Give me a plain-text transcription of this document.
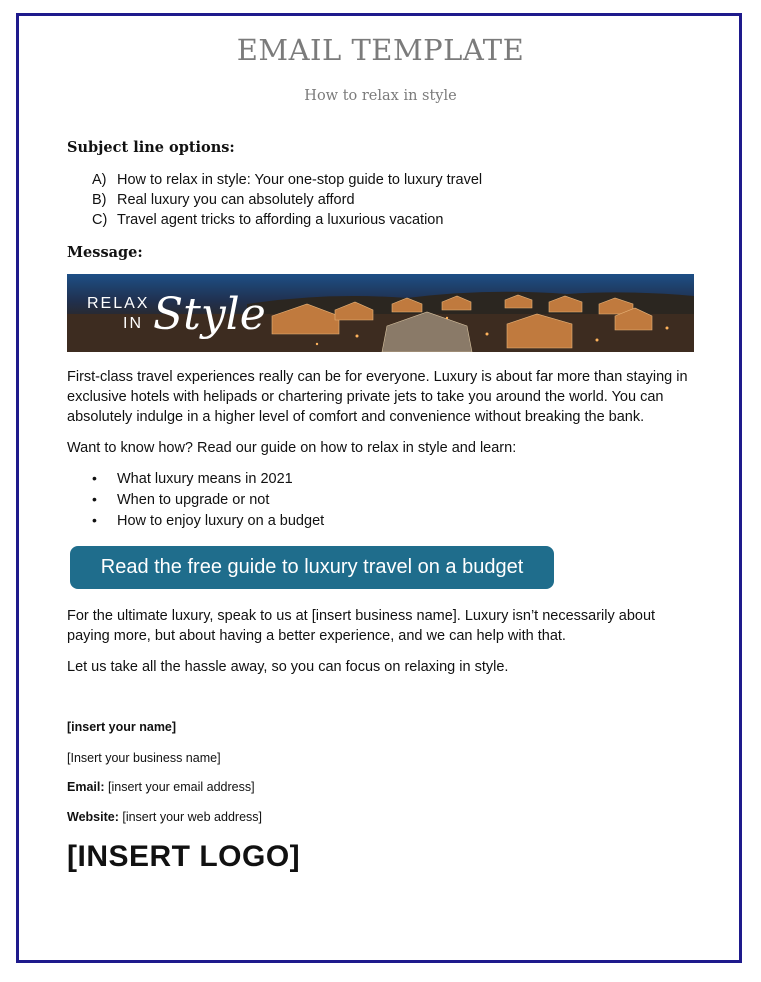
EMAIL TEMPLATE
How to relax in style
Subject line options:
A) How to relax in style: Your one-stop guide to luxury travel
B) Real luxury you can absolutely afford
C) Travel agent tricks to affording a luxurious vacation
Message:
RELAX
IN Style

First-class travel experiences really can be for everyone. Luxury is about far more than staying in exclusive hotels with helipads or chartering private jets to take you around the world. You can absolutely indulge in a higher level of comfort and convenience without breaking the bank.

Want to know how? Read our guide on how to relax in style and learn:

• What luxury means in 2021
• When to upgrade or not
• How to enjoy luxury on a budget
Read the free guide to luxury travel on a budget

For the ultimate luxury, speak to us at [insert business name]. Luxury isn’t necessarily about paying more, but about having a better experience, and we can help with that.

Let us take all the hassle away, so you can focus on relaxing in style.

[insert your name]
[Insert your business name]
Email: [insert your email address]
Website: [insert your web address]
[INSERT LOGO]
